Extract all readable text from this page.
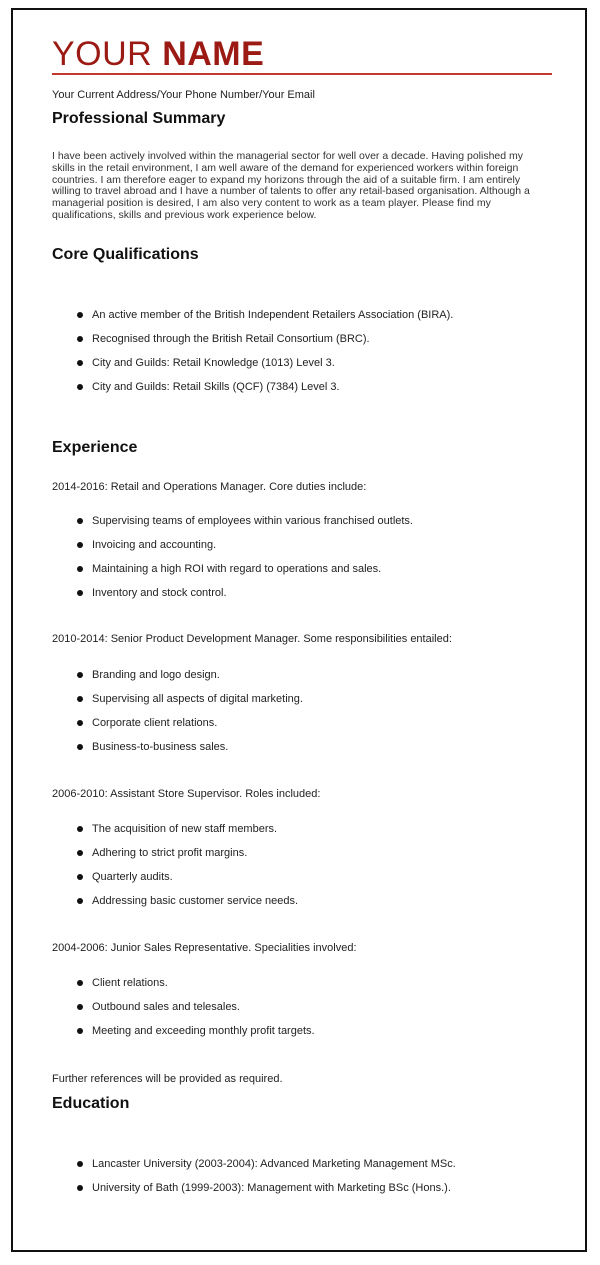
YOUR NAME
Your Current Address/Your Phone Number/Your Email
Professional Summary
I have been actively involved within the managerial sector for well over a decade. Having polished my skills in the retail environment, I am well aware of the demand for experienced workers within foreign countries. I am therefore eager to expand my horizons through the aid of a suitable firm. I am entirely willing to travel abroad and I have a number of talents to offer any retail-based organisation. Although a managerial position is desired, I am also very content to work as a team player. Please find my qualifications, skills and previous work experience below.
Core Qualifications
An active member of the British Independent Retailers Association (BIRA).
Recognised through the British Retail Consortium (BRC).
City and Guilds: Retail Knowledge (1013) Level 3.
City and Guilds: Retail Skills (QCF) (7384) Level 3.
Experience
2014-2016: Retail and Operations Manager. Core duties include:
Supervising teams of employees within various franchised outlets.
Invoicing and accounting.
Maintaining a high ROI with regard to operations and sales.
Inventory and stock control.
2010-2014: Senior Product Development Manager. Some responsibilities entailed:
Branding and logo design.
Supervising all aspects of digital marketing.
Corporate client relations.
Business-to-business sales.
2006-2010: Assistant Store Supervisor. Roles included:
The acquisition of new staff members.
Adhering to strict profit margins.
Quarterly audits.
Addressing basic customer service needs.
2004-2006: Junior Sales Representative. Specialities involved:
Client relations.
Outbound sales and telesales.
Meeting and exceeding monthly profit targets.
Further references will be provided as required.
Education
Lancaster University (2003-2004): Advanced Marketing Management MSc.
University of Bath (1999-2003): Management with Marketing BSc (Hons.).
